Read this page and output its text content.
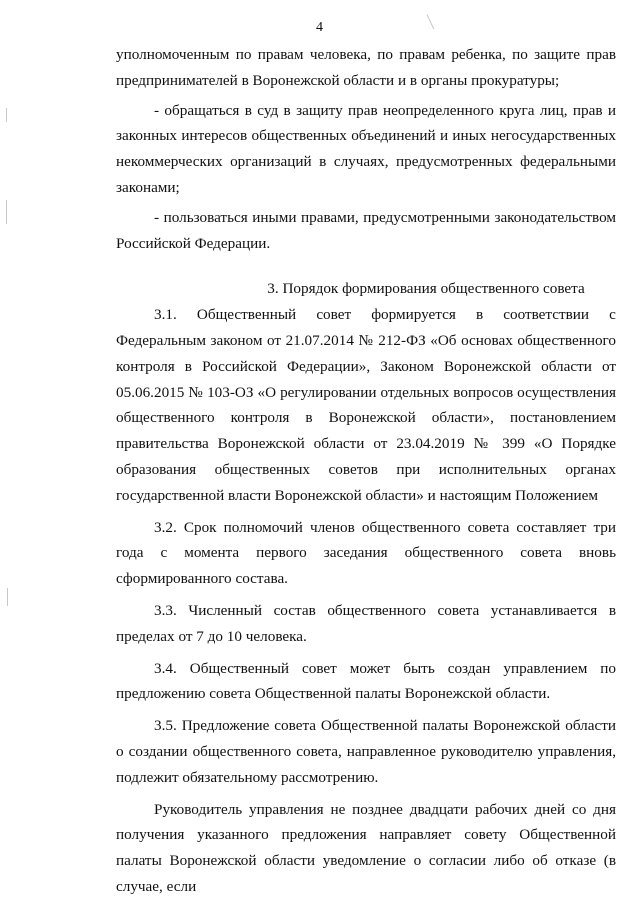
4

уполномоченным по правам человека, по правам ребенка, по защите прав предпринимателей в Воронежской области и в органы прокуратуры;

- обращаться в суд в защиту прав неопределенного круга лиц, прав и законных интересов общественных объединений и иных негосударственных некоммерческих организаций в случаях, предусмотренных федеральными законами;

- пользоваться иными правами, предусмотренными законодательством Российской Федерации.

3. Порядок формирования общественного совета

3.1. Общественный совет формируется в соответствии с

Федеральным законом от 21.07.2014 № 212-ФЗ «Об основах общественного контроля в Российской Федерации», Законом Воронежской области от 05.06.2015 № 103-ОЗ «О регулировании отдельных вопросов осуществления общественного контроля в Воронежской области», постановлением правительства Воронежской области от 23.04.2019 № 399 «О Порядке образования общественных советов при исполнительных органах государственной власти Воронежской области» и настоящим Положением

3.2. Срок полномочий членов общественного совета составляет три года с момента первого заседания общественного совета вновь сформированного состава.

3.3. Численный состав общественного совета устанавливается в пределах от 7 до 10 человека.

3.4. Общественный совет может быть создан управлением по предложению совета Общественной палаты Воронежской области.

3.5. Предложение совета Общественной палаты Воронежской области о создании общественного совета, направленное руководителю управления, подлежит обязательному рассмотрению.

Руководитель управления не позднее двадцати рабочих дней со дня получения указанного предложения направляет совету Общественной палаты Воронежской области уведомление о согласии либо об отказе (в случае, если
